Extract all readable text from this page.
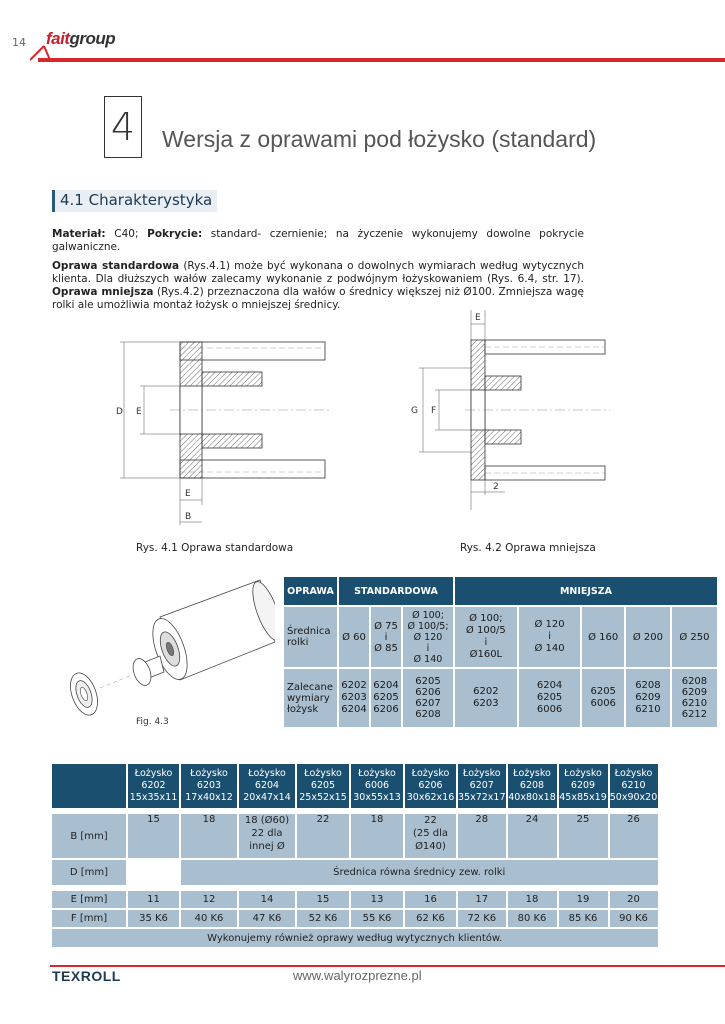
14 faitgroup
4	Wersja z oprawami pod łożysko (standard)
4.1 Charakterystyka
Materiał: C40; Pokrycie: standard- czernienie; na życzenie wykonujemy dowolne pokrycie galwaniczne.
Oprawa standardowa (Rys.4.1) może być wykonana o dowolnych wymiarach według wytycznych klienta. Dla dłuższych wałów zalecamy wykonanie z podwójnym łożyskowaniem (Rys. 6.4, str. 17). Oprawa mniejsza (Rys.4.2) przeznaczona dla wałów o średnicy większej niż Ø100. Zmniejsza wagę rolki ale umożliwia montaż łożysk o mniejszej średnicy.
D E
E
B
E
G F
2
Rys. 4.1 Oprawa standardowa	Rys. 4.2 Oprawa mniejsza
Fig. 4.3
OPRAWA	STANDARDOWA			MNIEJSZA				
Średnica rolki	Ø 60	Ø 75
i
Ø 85	Ø 100;
Ø 100/5;
Ø 120
i
Ø 140	Ø 100;
Ø 100/5
i
Ø160L	Ø 120
i
Ø 140	Ø 160	Ø 200	Ø 250
Zalecane wymiary łożysk	6202
6203
6204	6204
6205
6206	6205
6206
6207
6208	6202
6203	6204
6205
6006	6205
6006	6208
6209
6210	6208
6209
6210
6212
	Łożysko
6202
15x35x11	Łożysko
6203
17x40x12	Łożysko
6204
20x47x14	Łożysko
6205
25x52x15	Łożysko
6006
30x55x13	Łożysko
6206
30x62x16	Łożysko
6207
35x72x17	Łożysko
6208
40x80x18	Łożysko
6209
45x85x19	Łożysko
6210
50x90x20

B [mm]	15	18	18 (Ø60)
22 dla
innej Ø	22	18	22
(25 dla
Ø140)	28	24	25	26
D [mm]		Średnica równa średnicy zew. rolki								

E [mm]	11	12	14	15	13	16	17	18	19	20
F [mm]	35 K6	40 K6	47 K6	52 K6	55 K6	62 K6	72 K6	80 K6	85 K6	90 K6
Wykonujemy również oprawy według wytycznych klientów.										
TEXROLL	www.walyrozprezne.pl
